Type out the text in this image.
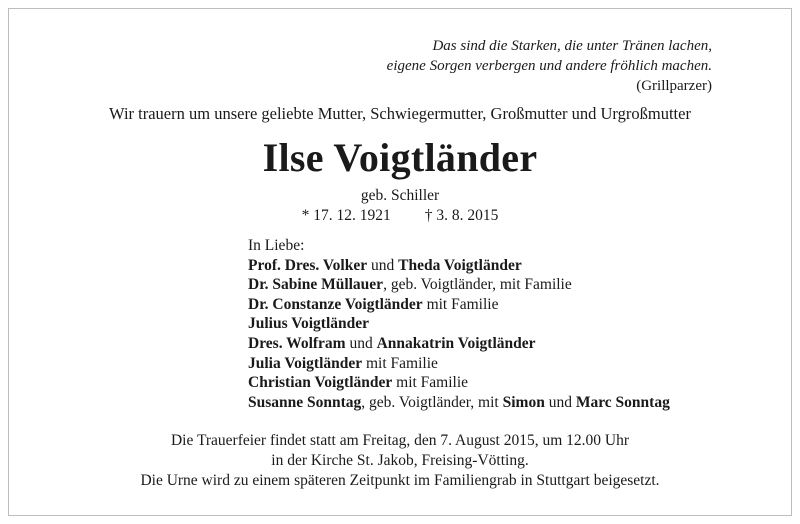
Das sind die Starken, die unter Tränen lachen,
eigene Sorgen verbergen und andere fröhlich machen.
(Grillparzer)
Wir trauern um unsere geliebte Mutter, Schwiegermutter, Großmutter und Urgroßmutter
Ilse Voigtländer
geb. Schiller
* 17. 12. 1921 † 3. 8. 2015
In Liebe:
Prof. Dres. Volker und Theda Voigtländer
Dr. Sabine Müllauer, geb. Voigtländer, mit Familie
Dr. Constanze Voigtländer mit Familie
Julius Voigtländer
Dres. Wolfram und Annakatrin Voigtländer
Julia Voigtländer mit Familie
Christian Voigtländer mit Familie
Susanne Sonntag, geb. Voigtländer, mit Simon und Marc Sonntag
Die Trauerfeier findet statt am Freitag, den 7. August 2015, um 12.00 Uhr
in der Kirche St. Jakob, Freising-Vötting.
Die Urne wird zu einem späteren Zeitpunkt im Familiengrab in Stuttgart beigesetzt.
